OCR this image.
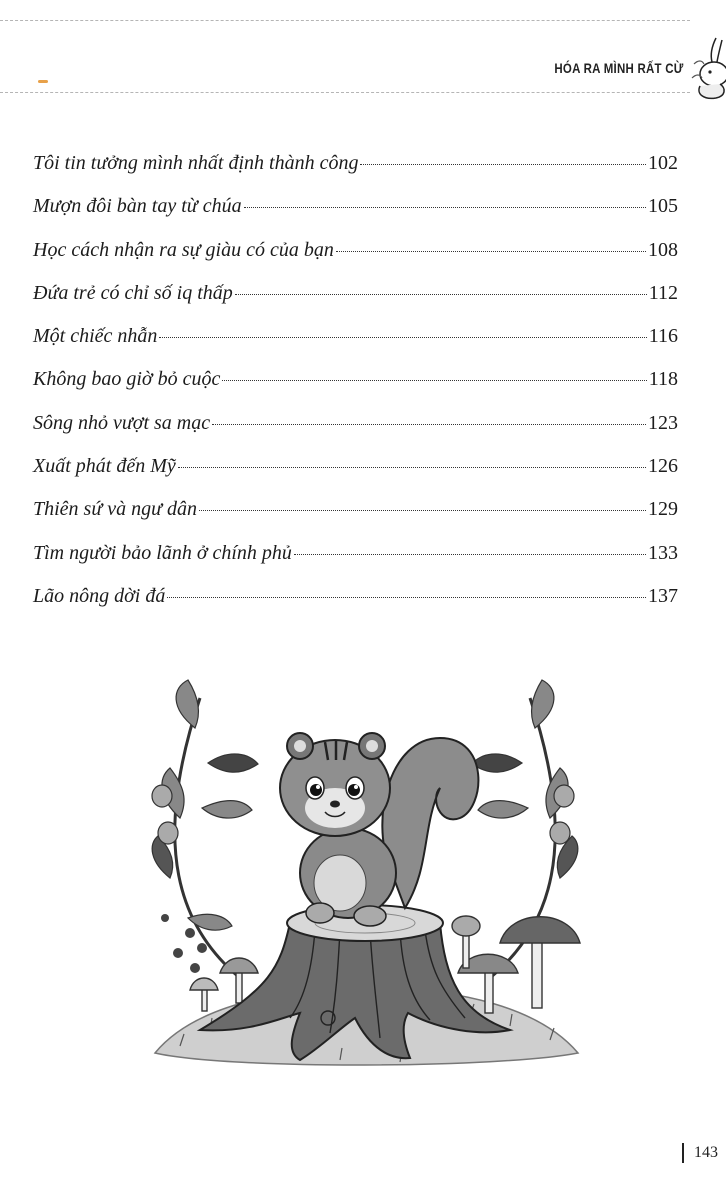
HÓA RA MÌNH RẤT CỪ
Tôi tin tưởng mình nhất định thành công	102
Mượn đôi bàn tay từ chúa	105
Học cách nhận ra sự giàu có của bạn	108
Đứa trẻ có chỉ số iq thấp	112
Một chiếc nhẫn	116
Không bao giờ bỏ cuộc	118
Sông nhỏ vượt sa mạc	123
Xuất phát đến Mỹ	126
Thiên sứ và ngư dân	129
Tìm người bảo lãnh ở chính phủ	133
Lão nông dời đá	137
143
